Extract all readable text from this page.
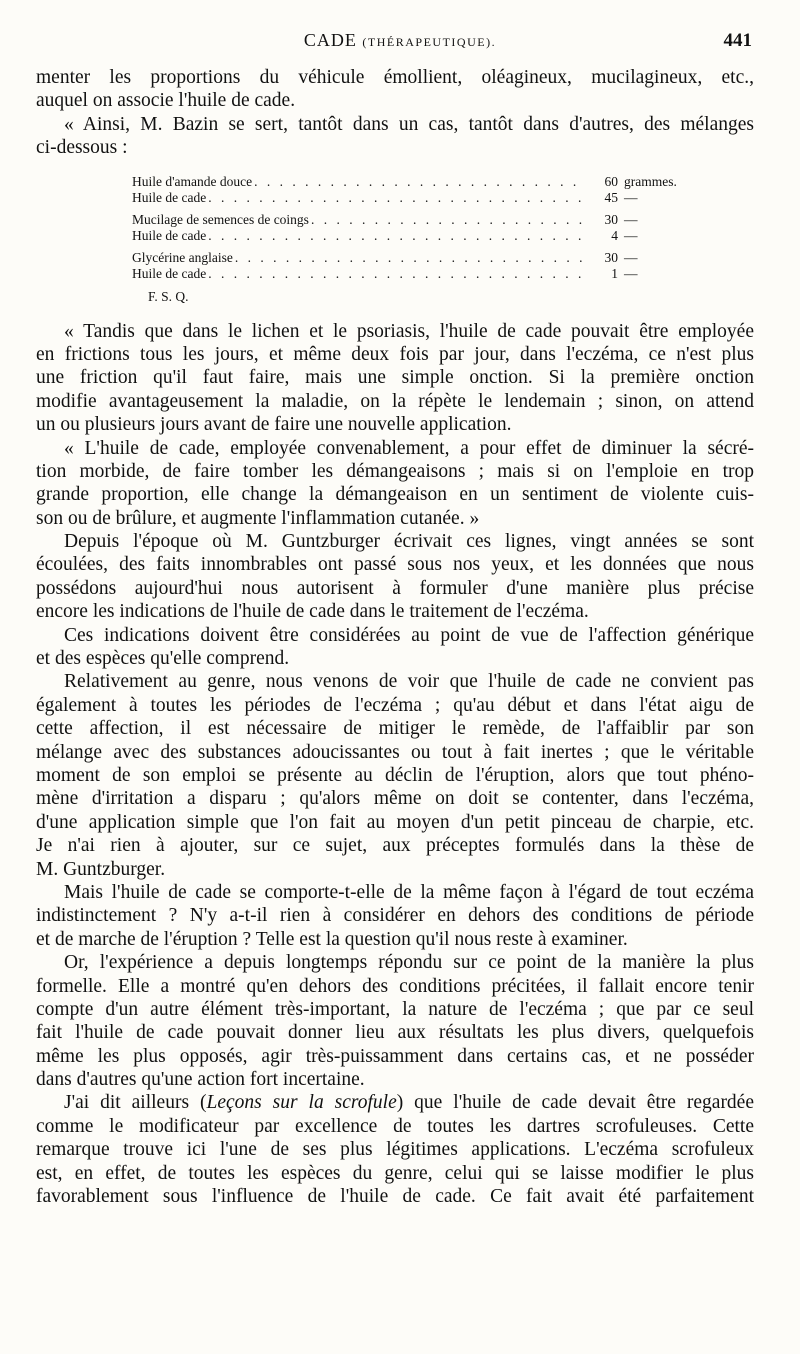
CADE (THÉRAPEUTIQUE).	441
menter les proportions du véhicule émollient, oléagineux, mucilagineux, etc.,
auquel on associe l'huile de cade.
« Ainsi, M. Bazin se sert, tantôt dans un cas, tantôt dans d'autres, des mélanges
ci-dessous :
Huile d'amande douce . . .	60 grammes.
Huile de cade . . .	45 —
Mucilage de semences de coings . . .	30 —
Huile de cade . . .	4 —
Glycérine anglaise . . .	30 —
Huile de cade . . .	1 —
F. S. Q.
« Tandis que dans le lichen et le psoriasis, l'huile de cade pouvait être employée
en frictions tous les jours, et même deux fois par jour, dans l'eczéma, ce n'est plus
une friction qu'il faut faire, mais une simple onction. Si la première onction
modifie avantageusement la maladie, on la répète le lendemain ; sinon, on attend
un ou plusieurs jours avant de faire une nouvelle application.
« L'huile de cade, employée convenablement, a pour effet de diminuer la sécré-
tion morbide, de faire tomber les démangeaisons ; mais si on l'emploie en trop
grande proportion, elle change la démangeaison en un sentiment de violente cuis-
son ou de brûlure, et augmente l'inflammation cutanée. »
Depuis l'époque où M. Guntzburger écrivait ces lignes, vingt années se sont
écoulées, des faits innombrables ont passé sous nos yeux, et les données que nous
possédons aujourd'hui nous autorisent à formuler d'une manière plus précise
encore les indications de l'huile de cade dans le traitement de l'eczéma.
Ces indications doivent être considérées au point de vue de l'affection générique
et des espèces qu'elle comprend.
Relativement au genre, nous venons de voir que l'huile de cade ne convient pas
également à toutes les périodes de l'eczéma ; qu'au début et dans l'état aigu de
cette affection, il est nécessaire de mitiger le remède, de l'affaiblir par son
mélange avec des substances adoucissantes ou tout à fait inertes ; que le véritable
moment de son emploi se présente au déclin de l'éruption, alors que tout phéno-
mène d'irritation a disparu ; qu'alors même on doit se contenter, dans l'eczéma,
d'une application simple que l'on fait au moyen d'un petit pinceau de charpie, etc.
Je n'ai rien à ajouter, sur ce sujet, aux préceptes formulés dans la thèse de
M. Guntzburger.
Mais l'huile de cade se comporte-t-elle de la même façon à l'égard de tout eczéma
indistinctement ? N'y a-t-il rien à considérer en dehors des conditions de période
et de marche de l'éruption ? Telle est la question qu'il nous reste à examiner.
Or, l'expérience a depuis longtemps répondu sur ce point de la manière la plus
formelle. Elle a montré qu'en dehors des conditions précitées, il fallait encore tenir
compte d'un autre élément très-important, la nature de l'eczéma ; que par ce seul
fait l'huile de cade pouvait donner lieu aux résultats les plus divers, quelquefois
même les plus opposés, agir très-puissamment dans certains cas, et ne posséder
dans d'autres qu'une action fort incertaine.
J'ai dit ailleurs (Leçons sur la scrofule) que l'huile de cade devait être regardée
comme le modificateur par excellence de toutes les dartres scrofuleuses. Cette
remarque trouve ici l'une de ses plus légitimes applications. L'eczéma scrofuleux
est, en effet, de toutes les espèces du genre, celui qui se laisse modifier le plus
favorablement sous l'influence de l'huile de cade. Ce fait avait été parfaitement
